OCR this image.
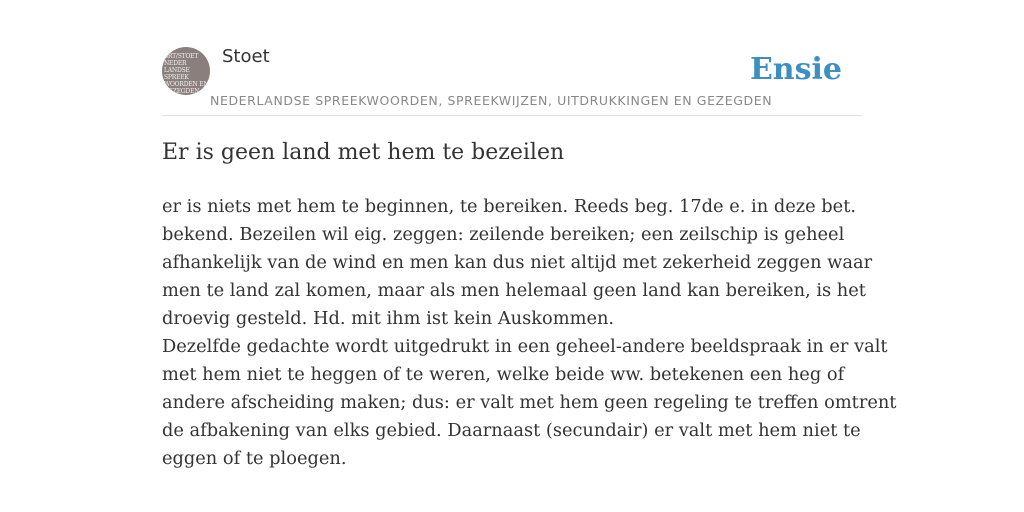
SRT/STOET
NEDER
LANDSE
SPREEK
WOORDEN EN
GEZEGDEN
Stoet
NEDERLANDSE SPREEKWOORDEN, SPREEKWIJZEN, UITDRUKKINGEN EN GEZEGDEN
Ensie
Er is geen land met hem te bezeilen

er is niets met hem te beginnen, te bereiken. Reeds beg. 17de e. in deze bet.

bekend. Bezeilen wil eig. zeggen: zeilende bereiken; een zeilschip is geheel

afhankelijk van de wind en men kan dus niet altijd met zekerheid zeggen waar

men te land zal komen, maar als men helemaal geen land kan bereiken, is het

droevig gesteld. Hd. mit ihm ist kein Auskommen.

Dezelfde gedachte wordt uitgedrukt in een geheel-andere beeldspraak in er valt

met hem niet te heggen of te weren, welke beide ww. betekenen een heg of

andere afscheiding maken; dus: er valt met hem geen regeling te treffen omtrent

de afbakening van elks gebied. Daarnaast (secundair) er valt met hem niet te

eggen of te ploegen.
